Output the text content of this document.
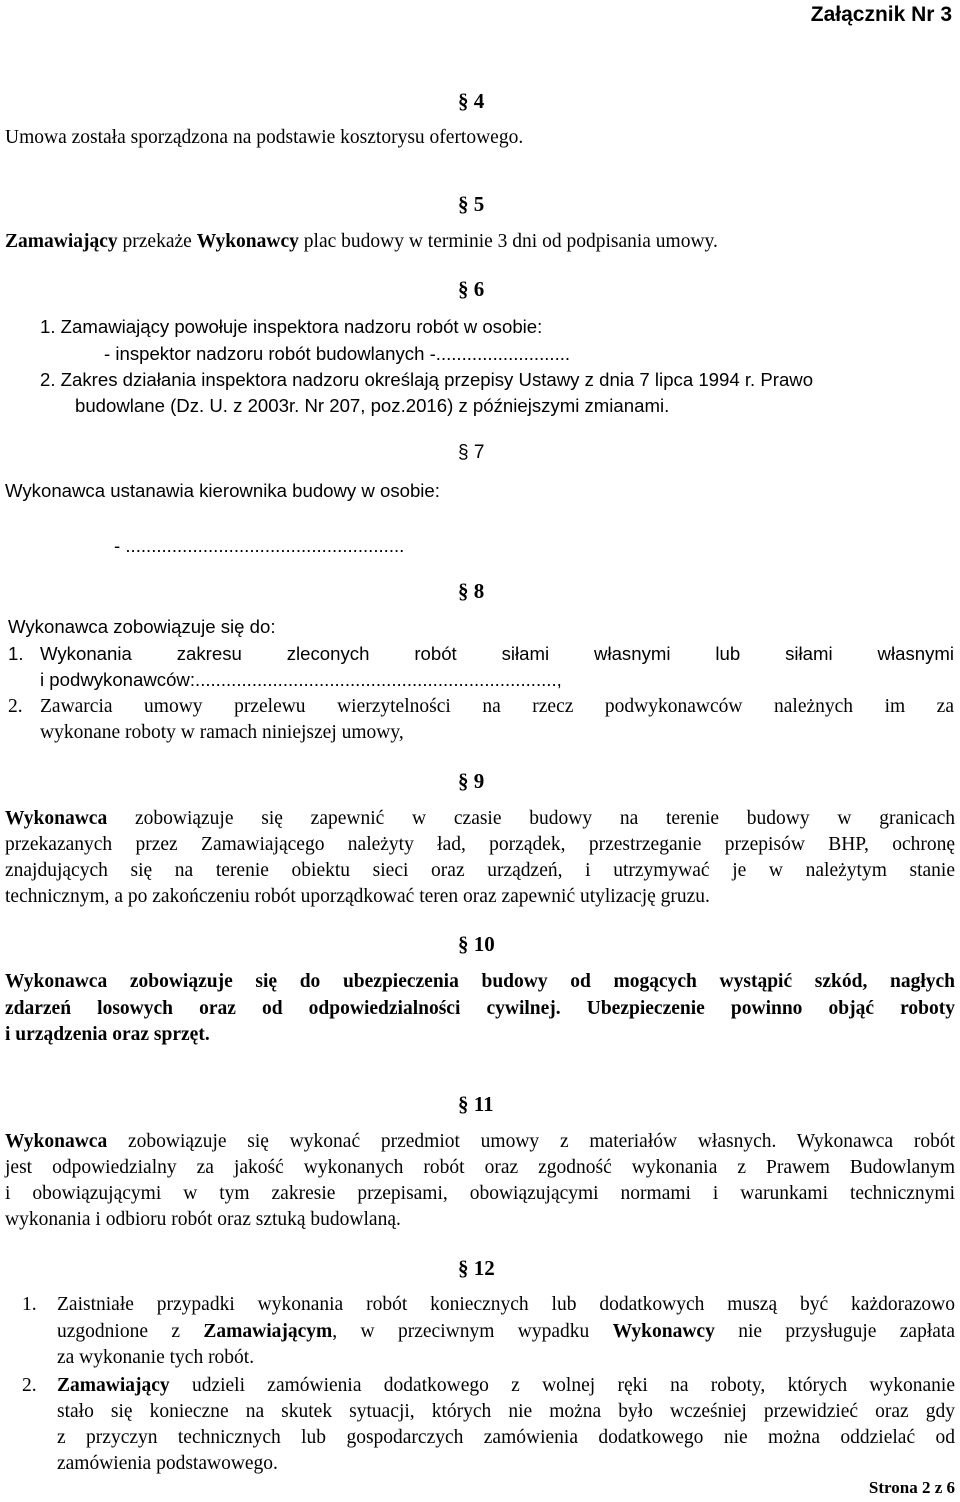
Załącznik Nr 3
§ 4
Umowa została sporządzona na podstawie kosztorysu ofertowego.
§ 5
Zamawiający przekaże Wykonawcy plac budowy w terminie 3 dni od podpisania umowy.
§ 6
1. Zamawiający powołuje inspektora nadzoru robót w osobie:
- inspektor nadzoru robót budowlanych -..........................
2. Zakres działania inspektora nadzoru określają przepisy Ustawy z dnia 7 lipca 1994 r. Prawo
budowlane (Dz. U. z 2003r. Nr 207, poz.2016) z późniejszymi zmianami.
§ 7
Wykonawca ustanawia kierownika budowy w osobie:
- ......................................................
§ 8
Wykonawca zobowiązuje się do:
1. Wykonania zakresu zleconych robót siłami własnymi lub siłami własnymi
i podwykonawców:......................................................................,
2. Zawarcia umowy przelewu wierzytelności na rzecz podwykonawców należnych im za
wykonane roboty w ramach niniejszej umowy,
§ 9
Wykonawca zobowiązuje się zapewnić w czasie budowy na terenie budowy w granicach
przekazanych przez Zamawiającego należyty ład, porządek, przestrzeganie przepisów BHP, ochronę
znajdujących się na terenie obiektu sieci oraz urządzeń, i utrzymywać je w należytym stanie
technicznym, a po zakończeniu robót uporządkować teren oraz zapewnić utylizację gruzu.
§ 10
Wykonawca zobowiązuje się do ubezpieczenia budowy od mogących wystąpić szkód, nagłych
zdarzeń losowych oraz od odpowiedzialności cywilnej. Ubezpieczenie powinno objąć roboty
i urządzenia oraz sprzęt.
§ 11
Wykonawca zobowiązuje się wykonać przedmiot umowy z materiałów własnych. Wykonawca robót
jest odpowiedzialny za jakość wykonanych robót oraz zgodność wykonania z Prawem Budowlanym
i obowiązującymi w tym zakresie przepisami, obowiązującymi normami i warunkami technicznymi
wykonania i odbioru robót oraz sztuką budowlaną.
§ 12
1. Zaistniałe przypadki wykonania robót koniecznych lub dodatkowych muszą być każdorazowo
uzgodnione z Zamawiającym, w przeciwnym wypadku Wykonawcy nie przysługuje zapłata
za wykonanie tych robót.
2. Zamawiający udzieli zamówienia dodatkowego z wolnej ręki na roboty, których wykonanie
stało się konieczne na skutek sytuacji, których nie można było wcześniej przewidzieć oraz gdy
z przyczyn technicznych lub gospodarczych zamówienia dodatkowego nie można oddzielać od
zamówienia podstawowego.
Strona 2 z 6
